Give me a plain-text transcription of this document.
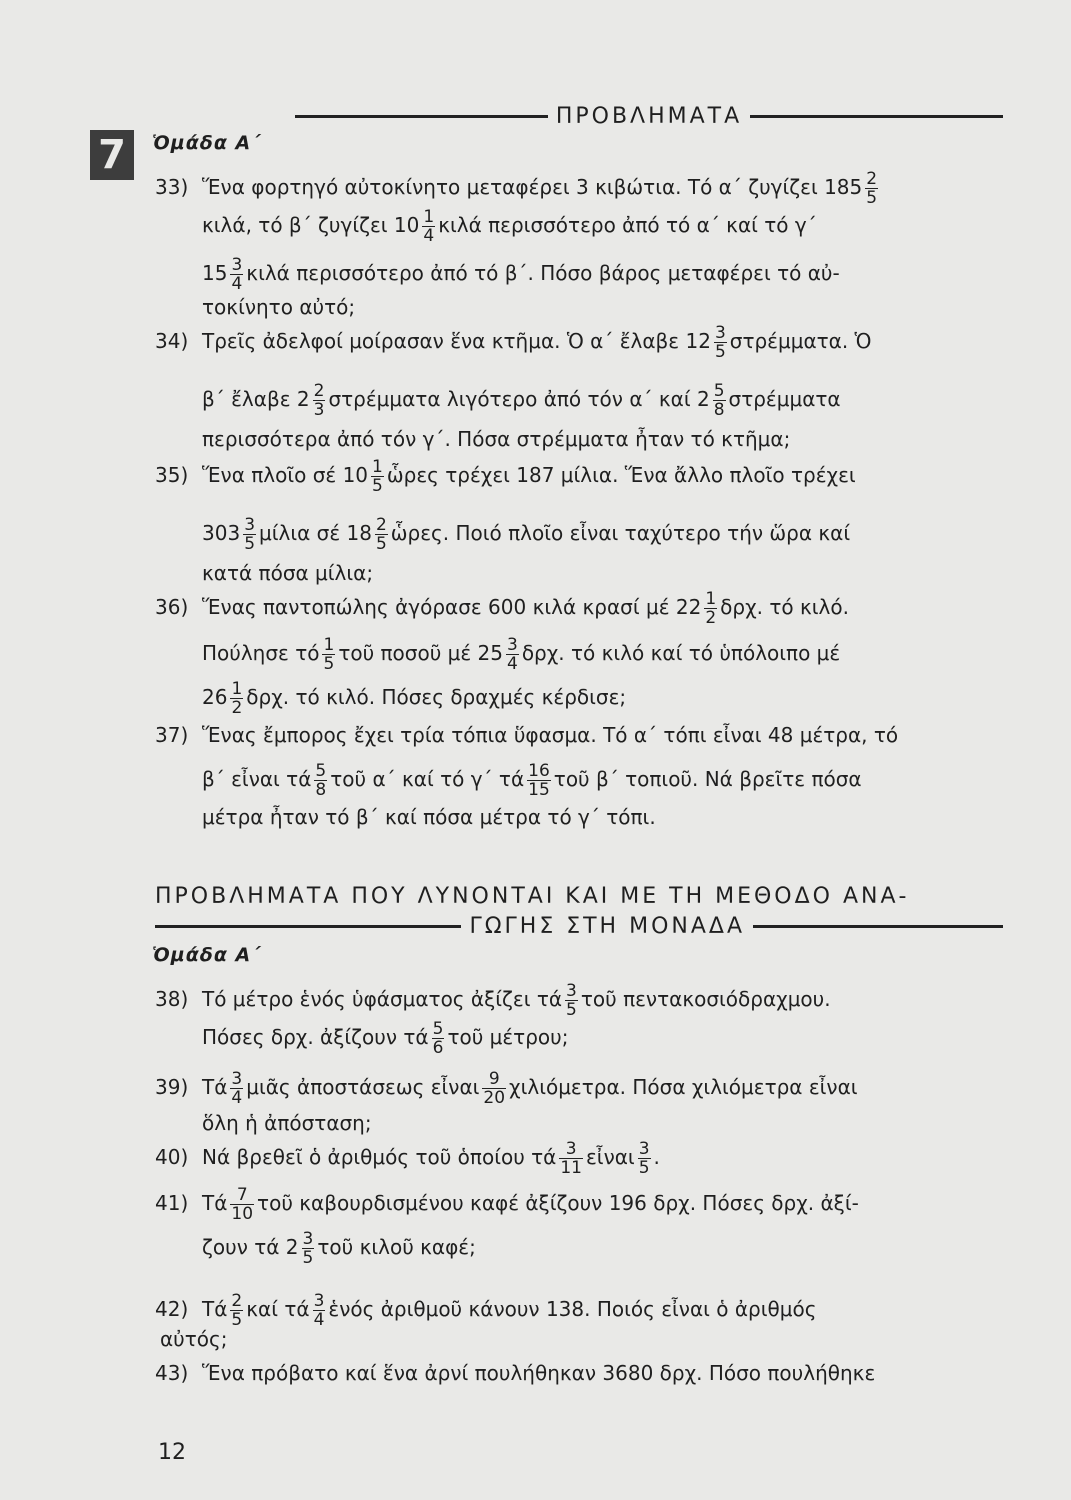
7
ΠΡΟΒΛΗΜΑΤΑ
Ὁμάδα Α΄
33) Ἕνα φορτηγό αὐτοκίνητο μεταφέρει 3 κιβώτια. Τό α΄ ζυγίζει $185 \frac{2}{5}$
κιλά, τό β΄ ζυγίζει $10 \frac{1}{4}$ κιλά περισσότερο ἀπό τό α΄ καί τό γ΄
$15 \frac{3}{4}$ κιλά περισσότερο ἀπό τό β΄. Πόσο βάρος μεταφέρει τό αὐ-
τοκίνητο αὐτό;
34) Τρεῖς ἀδελφοί μοίρασαν ἕνα κτῆμα. Ὁ α΄ ἔλαβε $12 \frac{3}{5} \sigma\tau\rho έ\mu\mu\alpha\tau\alpha$. Ὁ
β΄ ἔλαβε $2 \frac{2}{3}$ στρέμματα λιγότερο ἀπό τόν α΄ καί $2 \frac{5}{8}$ στρέμματα
περισσότερα ἀπό τόν γ΄. Πόσα στρέμματα ἦταν τό κτῆμα;
35) Ἕνα πλοῖο σέ $10 \frac{1}{5}$ ὧρες τρέχει 187 μίλια. Ἕνα ἄλλο πλοῖο τρέχει
$303 \frac{3}{5}$ μίλια σέ $18 \frac{2}{5}$ ὧρες. Ποιό πλοῖο εἶναι ταχύτερο τήν ὥρα καί
κατά πόσα μίλια;
36) Ἕνας παντοπώλης ἀγόρασε 600 κιλά κρασί μέ $22 \frac{1}{2} \delta\rho\chi$. τό κιλό.
Πούλησε τό $\frac{1}{5}$ τοῦ ποσοῦ μέ $25 \frac{3}{4} \delta\rho\chi$. τό κιλό καί τό ὑπόλοιπο μέ
$26 \frac{1}{2} \delta\rho\chi$. τό κιλό. Πόσες δραχμές κέρδισε;
37) Ἕνας ἔμπορος ἔχει τρία τόπια ὕφασμα. Τό α΄ τόπι εἶναι 48 μέτρα, τό
β΄ εἶναι τά $\frac{5}{8}$ τοῦ α΄ καί τό γ΄ τά $\frac{16}{15}$ τοῦ β΄ τοπιοῦ. Νά βρεῖτε πόσα
μέτρα ἦταν τό β΄ καί πόσα μέτρα τό γ΄ τόπι.
ΠΡΟΒΛΗΜΑΤΑ ΠΟΥ ΛΥΝΟΝΤΑΙ ΚΑΙ ΜΕ ΤΗ ΜΕΘΟΔΟ ΑΝΑ-
ΓΩΓΗΣ ΣΤΗ ΜΟΝΑΔΑ
Ὁμάδα Α΄
38) Τό μέτρο ἑνός ὑφάσματος ἀξίζει τά $\frac{3}{5}$ τοῦ πεντακοσιόδραχμου.
Πόσες δρχ. ἀξίζουν τά $\frac{5}{6}$ τοῦ μέτρου;
39) Τά $\frac{3}{4}$ μιᾶς ἀποστάσεως εἶναι $\frac{9}{20} \chi\iota\lambda\iota ό\mu\varepsilon\tau\rho\alpha$. Πόσα χιλιόμετρα εἶναι
ὅλη ἡ ἀπόσταση;
40) Νά βρεθεῖ ὁ ἀριθμός τοῦ ὁποίου τά $\frac{3}{11}$ εἶναι $\frac{3}{5}$ .
41) Τά $\frac{7}{10}$ τοῦ καβουρδισμένου καφέ ἀξίζουν 196 δρχ. Πόσες δρχ. ἀξί-
ζουν τά $2 \frac{3}{5}$ τοῦ κιλοῦ καφέ;
42) Τά $\frac{2}{5}$ καί τά $\frac{3}{4}$ ἑνός ἀριθμοῦ κάνουν 138. Ποιός εἶναι ὁ ἀριθμός
αὐτός;
43) Ἕνα πρόβατο καί ἕνα ἀρνί πουλήθηκαν 3680 δρχ. Πόσο πουλήθηκε
12
